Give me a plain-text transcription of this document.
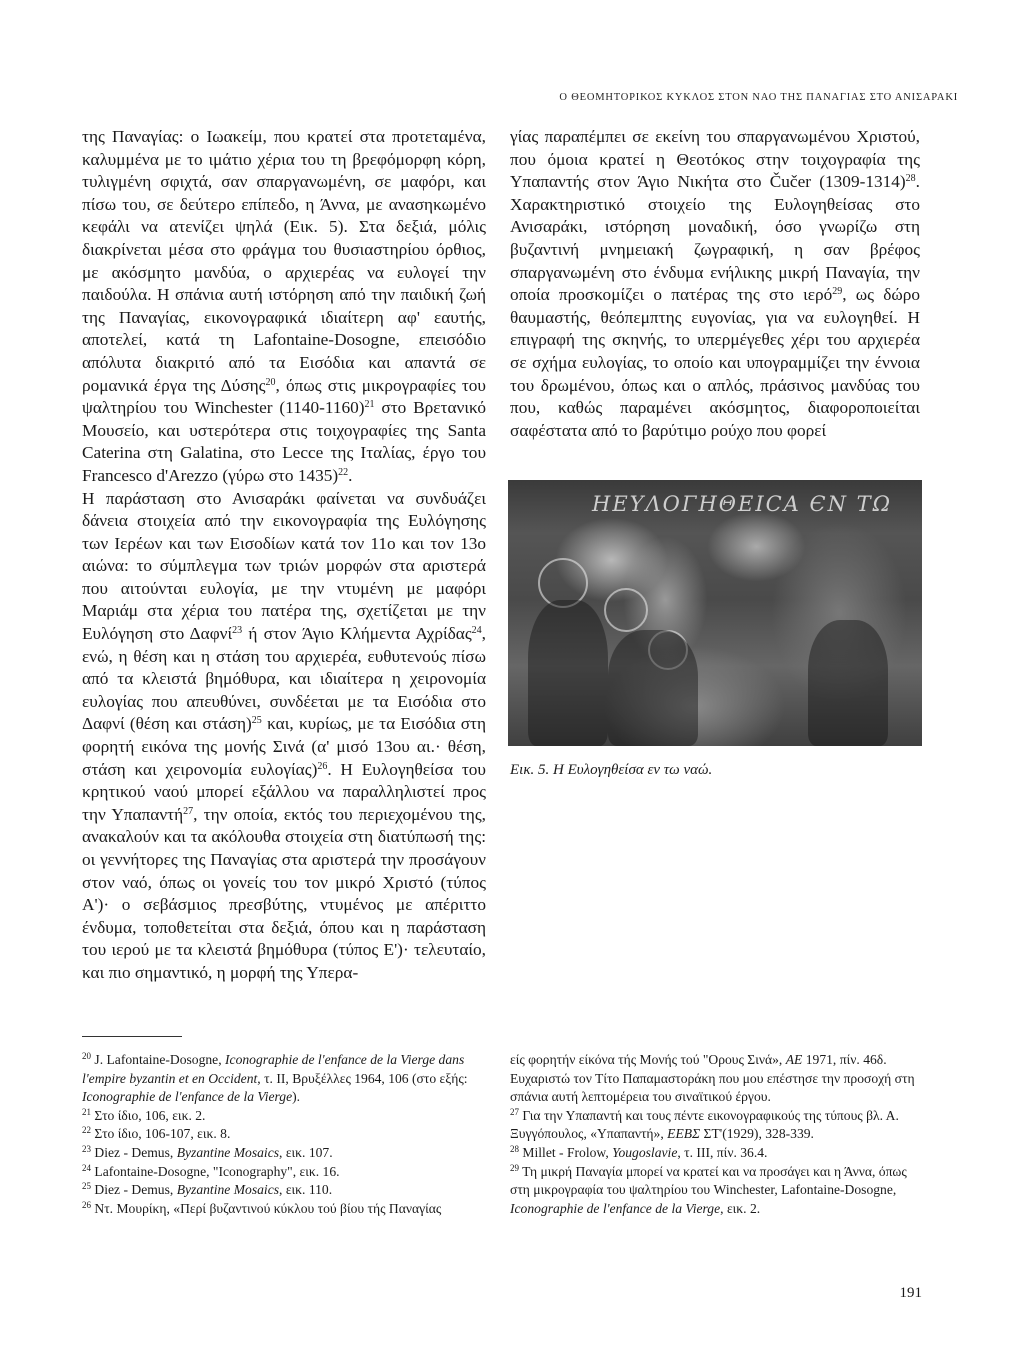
Ο ΘΕΟΜΗΤΟΡΙΚΟΣ ΚΥΚΛΟΣ ΣΤΟΝ ΝΑΟ ΤΗΣ ΠΑΝΑΓΙΑΣ ΣΤΟ ΑΝΙΣΑΡΑΚΙ

της Παναγίας: ο Ιωακείμ, που κρατεί στα προτεταμένα, καλυμμένα με το ιμάτιο χέρια του τη βρεφόμορφη κόρη, τυλιγμένη σφιχτά, σαν σπαργανωμένη, σε μαφόρι, και πίσω του, σε δεύτερο επίπεδο, η Άννα, με ανασηκωμένο κεφάλι να ατενίζει ψηλά (Εικ. 5). Στα δεξιά, μόλις διακρίνεται μέσα στο φράγμα του θυσιαστηρίου όρθιος, με ακόσμητο μανδύα, ο αρχιερέας να ευλογεί την παιδούλα. Η σπάνια αυτή ιστόρηση από την παιδική ζωή της Παναγίας, εικονογραφικά ιδιαίτερη αφ' εαυτής, αποτελεί, κατά τη Lafontaine-Dosogne, επεισόδιο απόλυτα διακριτό από τα Εισόδια και απαντά σε ρομανικά έργα της Δύσης$^{20}$, όπως στις μικρογραφίες του ψαλτηρίου του Winchester (1140-1160)$^{21}$ στο Βρετανικό Μουσείο, και υστερότερα στις τοιχογραφίες της Santa Caterina στη Galatina, στο Lecce της Ιταλίας, έργο του Francesco d'Arezzo (γύρω στο 1435)$^{22}$.

Η παράσταση στο Ανισαράκι φαίνεται να συνδυάζει δάνεια στοιχεία από την εικονογραφία της Ευλόγησης των Ιερέων και των Εισοδίων κατά τον 11ο και τον 13ο αιώνα: το σύμπλεγμα των τριών μορφών στα αριστερά που αιτούνται ευλογία, με την ντυμένη με μαφόρι Μαριάμ στα χέρια του πατέρα της, σχετίζεται με την Ευλόγηση στο Δαφνί$^{23}$ ή στον Άγιο Κλήμεντα Αχρίδας$^{24}$, ενώ, η θέση και η στάση του αρχιερέα, ευθυτενούς πίσω από τα κλειστά βημόθυρα, και ιδιαίτερα η χειρονομία ευλογίας που απευθύνει, συνδέεται με τα Εισόδια στο Δαφνί (θέση και στάση)$^{25}$ και, κυρίως, με τα Εισόδια στη φορητή εικόνα της μονής Σινά (α' μισό 13ου αι.· θέση, στάση και χειρονομία ευλογίας)$^{26}$. Η Ευλογηθείσα του κρητικού ναού μπορεί εξάλλου να παραλληλιστεί προς την Υπαπαντή$^{27}$, την οποία, εκτός του περιεχομένου της, ανακαλούν και τα ακόλουθα στοιχεία στη διατύπωσή της: οι γεννήτορες της Παναγίας στα αριστερά την προσάγουν στον ναό, όπως οι γονείς του τον μικρό Χριστό (τύπος Α')· ο σεβάσμιος πρεσβύτης, ντυμένος με απέριττο ένδυμα, τοποθετείται στα δεξιά, όπου και η παράσταση του ιερού με τα κλειστά βημόθυρα (τύπος Ε')· τελευταίο, και πιο σημαντικό, η μορφή της Υπερα-

γίας παραπέμπει σε εκείνη του σπαργανωμένου Χριστού, που όμοια κρατεί η Θεοτόκος στην τοιχογραφία της Υπαπαντής στον Άγιο Νικήτα στο Čučer (1309-1314)$^{28}$. Χαρακτηριστικό στοιχείο της Ευλογηθείσας στο Ανισαράκι, ιστόρηση μοναδική, όσο γνωρίζω στη βυζαντινή μνημειακή ζωγραφική, η σαν βρέφος σπαργανωμένη στο ένδυμα ενήλικης μικρή Παναγία, την οποία προσκομίζει ο πατέρας της στο ιερό$^{29}$, ως δώρο θαυμαστής, θεόπεμπτης ευγονίας, για να ευλογηθεί. Η επιγραφή της σκηνής, το υπερμέγεθες χέρι του αρχιερέα σε σχήμα ευλογίας, το οποίο και υπογραμμίζει την έννοια του δρωμένου, όπως και ο απλός, πράσινος μανδύας του που, καθώς παραμένει ακόσμητος, διαφοροποιείται σαφέστατα από το βαρύτιμο ρούχο που φορεί

ΗΕΥΛΟΓΗΘΕΙCΑ ЄΝ ΤΩ
Εικ. 5. Η Ευλογηθείσα εν τω ναώ.

$^{20}$ J. Lafontaine-Dosogne, Iconographie de l'enfance de la Vierge dans l'empire byzantin et en Occident, τ. II, Βρυξέλλες 1964, 106 (στο εξής: Iconographie de l'enfance de la Vierge).

$^{21}$ Στο ίδιο, 106, εικ. 2.

$^{22}$ Στο ίδιο, 106-107, εικ. 8.

$^{23}$ Diez - Demus, Byzantine Mosaics, εικ. 107.

$^{24}$ Lafontaine-Dosogne, "Iconography", εικ. 16.

$^{25}$ Diez - Demus, Byzantine Mosaics, εικ. 110.

$^{26}$ Ντ. Μουρίκη, «Περί βυζαντινού κύκλου τού βίου τής Παναγίας

είς φορητήν είκόνα τής Μονής τού "Ορους Σινά», ΑΕ 1971, πίν. 46δ. Ευχαριστώ τον Τίτο Παπαμαστοράκη που μου επέστησε την προσοχή στη σπάνια αυτή λεπτομέρεια του σιναϊτικού έργου.

$^{27}$ Για την Υπαπαντή και τους πέντε εικονογραφικούς της τύπους βλ. Α. Ξυγγόπουλος, «Υπαπαντή», ΕΕΒΣ ΣΤ'(1929), 328-339.

$^{28}$ Millet - Frolow, Yougoslavie, τ. III, πίν. 36.4.

$^{29}$ Τη μικρή Παναγία μπορεί να κρατεί και να προσάγει και η Άννα, όπως στη μικρογραφία του ψαλτηρίου του Winchester, Lafontaine-Dosogne, Iconographie de l'enfance de la Vierge, εικ. 2.

191
